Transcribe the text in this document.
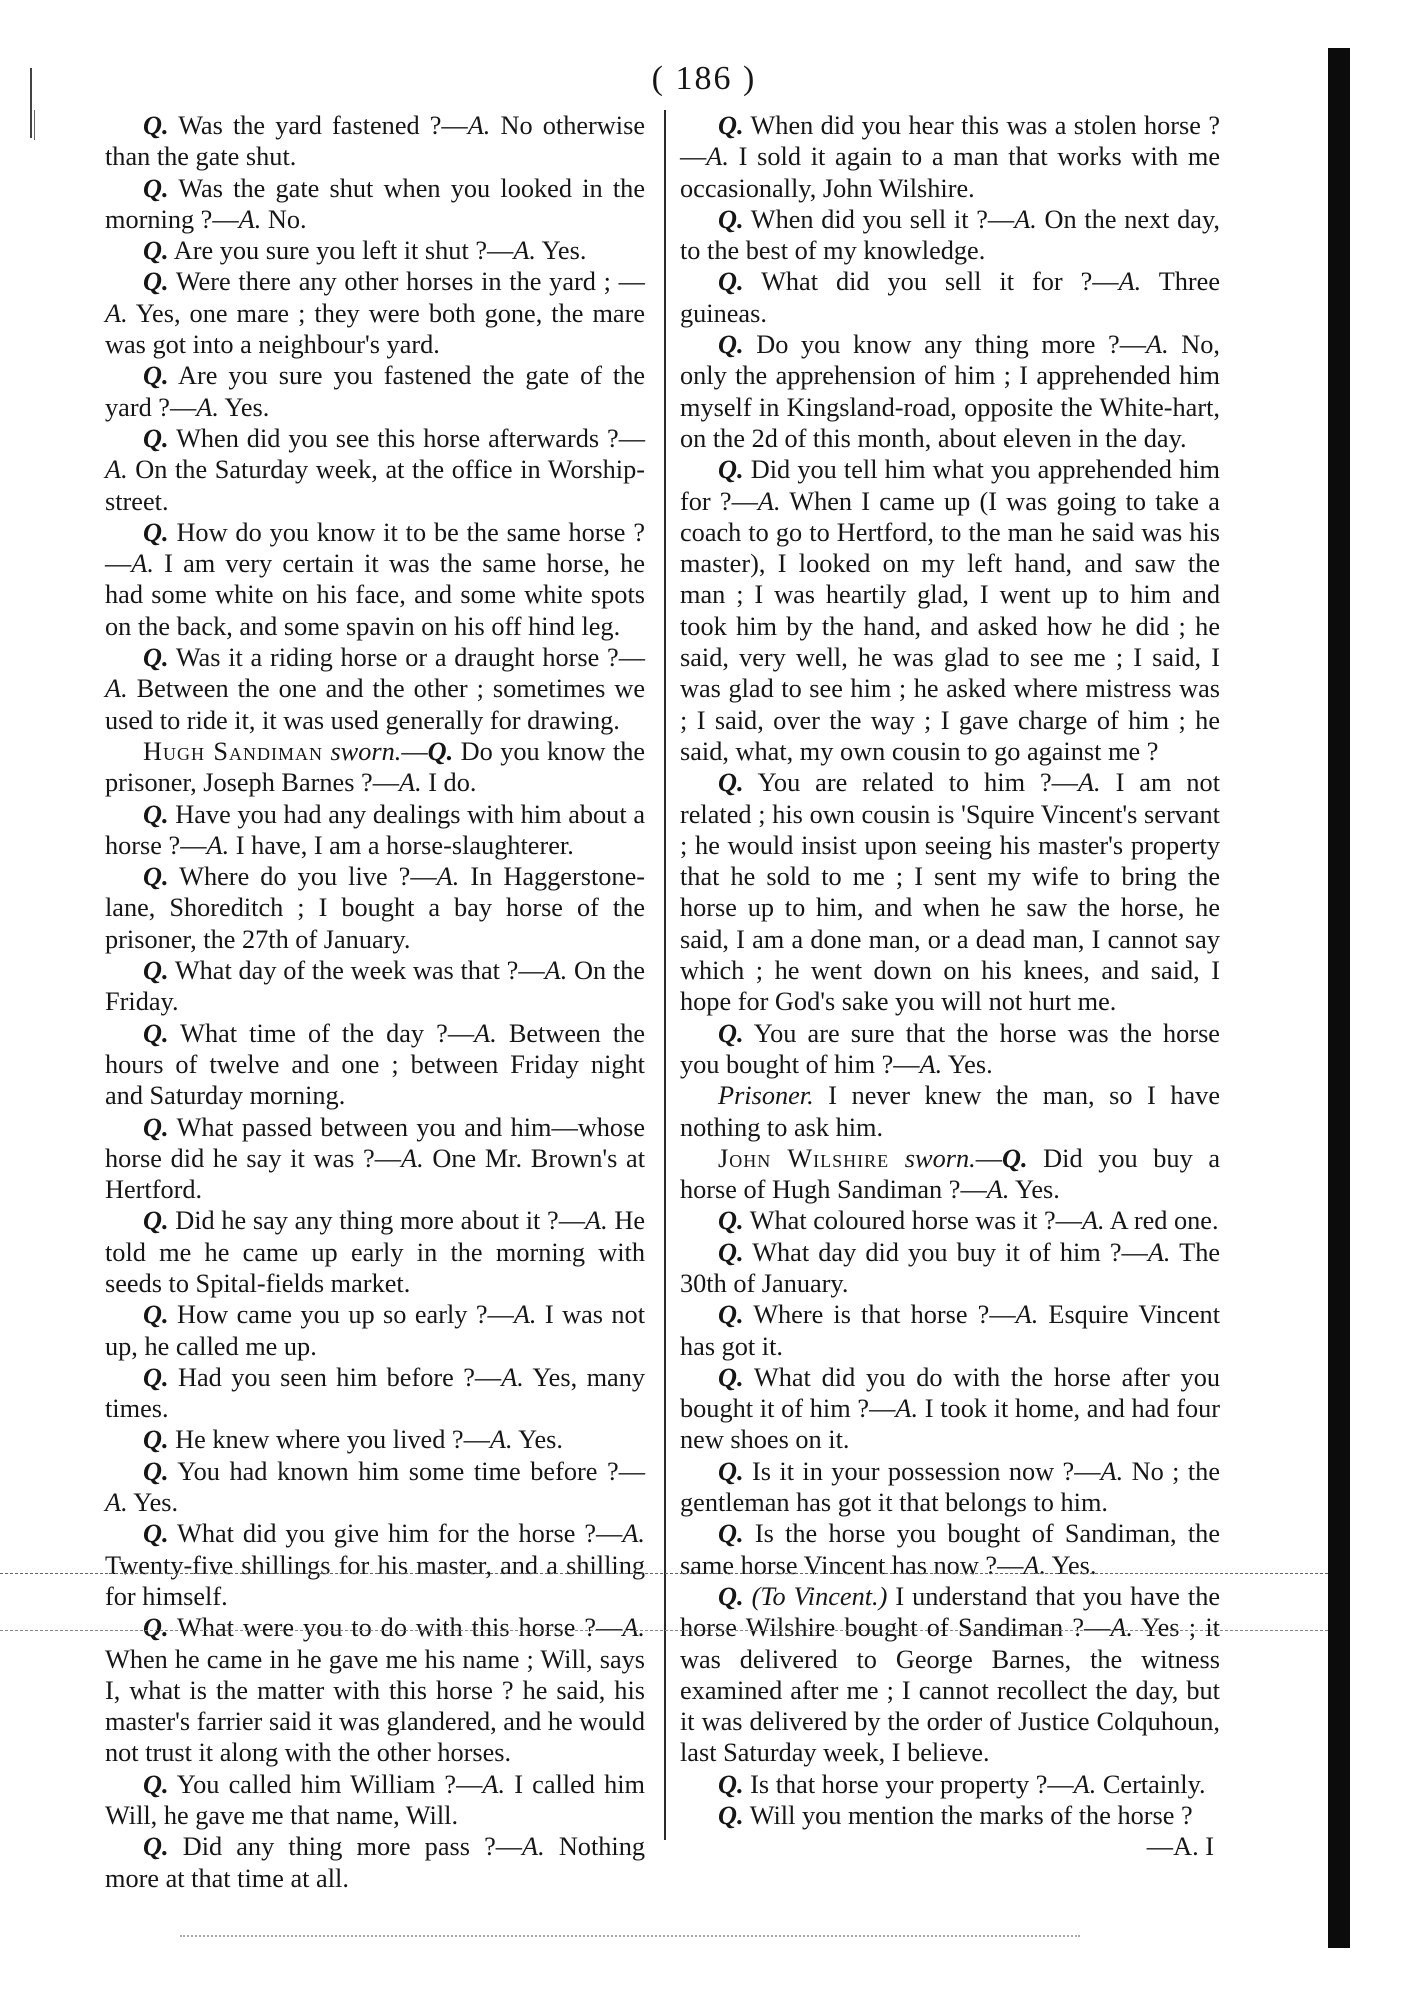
( 186 )

Q. Was the yard fastened ?—A. No otherwise than the gate shut.

Q. Was the gate shut when you looked in the morning ?—A. No.

Q. Are you sure you left it shut ?—A. Yes.

Q. Were there any other horses in the yard ; —A. Yes, one mare ; they were both gone, the mare was got into a neighbour's yard.

Q. Are you sure you fastened the gate of the yard ?—A. Yes.

Q. When did you see this horse afterwards ?— A. On the Saturday week, at the office in Worship-street.

Q. How do you know it to be the same horse ? —A. I am very certain it was the same horse, he had some white on his face, and some white spots on the back, and some spavin on his off hind leg.

Q. Was it a riding horse or a draught horse ?— A. Between the one and the other ; sometimes we used to ride it, it was used generally for drawing.

Hugh Sandiman sworn.—Q. Do you know the prisoner, Joseph Barnes ?—A. I do.

Q. Have you had any dealings with him about a horse ?—A. I have, I am a horse-slaughterer.

Q. Where do you live ?—A. In Haggerstone-lane, Shoreditch ; I bought a bay horse of the prisoner, the 27th of January.

Q. What day of the week was that ?—A. On the Friday.

Q. What time of the day ?—A. Between the hours of twelve and one ; between Friday night and Saturday morning.

Q. What passed between you and him—whose horse did he say it was ?—A. One Mr. Brown's at Hertford.

Q. Did he say any thing more about it ?—A. He told me he came up early in the morning with seeds to Spital-fields market.

Q. How came you up so early ?—A. I was not up, he called me up.

Q. Had you seen him before ?—A. Yes, many times.

Q. He knew where you lived ?—A. Yes.

Q. You had known him some time before ?— A. Yes.

Q. What did you give him for the horse ?—A. Twenty-five shillings for his master, and a shilling for himself.

Q. What were you to do with this horse ?—A. When he came in he gave me his name ; Will, says I, what is the matter with this horse ? he said, his master's farrier said it was glandered, and he would not trust it along with the other horses.

Q. You called him William ?—A. I called him Will, he gave me that name, Will.

Q. Did any thing more pass ?—A. Nothing more at that time at all.

Q. When did you hear this was a stolen horse ? —A. I sold it again to a man that works with me occasionally, John Wilshire.

Q. When did you sell it ?—A. On the next day, to the best of my knowledge.

Q. What did you sell it for ?—A. Three guineas.

Q. Do you know any thing more ?—A. No, only the apprehension of him ; I apprehended him myself in Kingsland-road, opposite the White-hart, on the 2d of this month, about eleven in the day.

Q. Did you tell him what you apprehended him for ?—A. When I came up (I was going to take a coach to go to Hertford, to the man he said was his master), I looked on my left hand, and saw the man ; I was heartily glad, I went up to him and took him by the hand, and asked how he did ; he said, very well, he was glad to see me ; I said, I was glad to see him ; he asked where mistress was ; I said, over the way ; I gave charge of him ; he said, what, my own cousin to go against me ?

Q. You are related to him ?—A. I am not related ; his own cousin is 'Squire Vincent's servant ; he would insist upon seeing his master's property that he sold to me ; I sent my wife to bring the horse up to him, and when he saw the horse, he said, I am a done man, or a dead man, I cannot say which ; he went down on his knees, and said, I hope for God's sake you will not hurt me.

Q. You are sure that the horse was the horse you bought of him ?—A. Yes.

Prisoner. I never knew the man, so I have nothing to ask him.

John Wilshire sworn.—Q. Did you buy a horse of Hugh Sandiman ?—A. Yes.

Q. What coloured horse was it ?—A. A red one.

Q. What day did you buy it of him ?—A. The 30th of January.

Q. Where is that horse ?—A. Esquire Vincent has got it.

Q. What did you do with the horse after you bought it of him ?—A. I took it home, and had four new shoes on it.

Q. Is it in your possession now ?—A. No ; the gentleman has got it that belongs to him.

Q. Is the horse you bought of Sandiman, the same horse Vincent has now ?—A. Yes.

Q. (To Vincent.) I understand that you have the horse Wilshire bought of Sandiman ?—A. Yes ; it was delivered to George Barnes, the witness examined after me ; I cannot recollect the day, but it was delivered by the order of Justice Colquhoun, last Saturday week, I believe.

Q. Is that horse your property ?—A. Certainly.

Q. Will you mention the marks of the horse ?

—A. I
